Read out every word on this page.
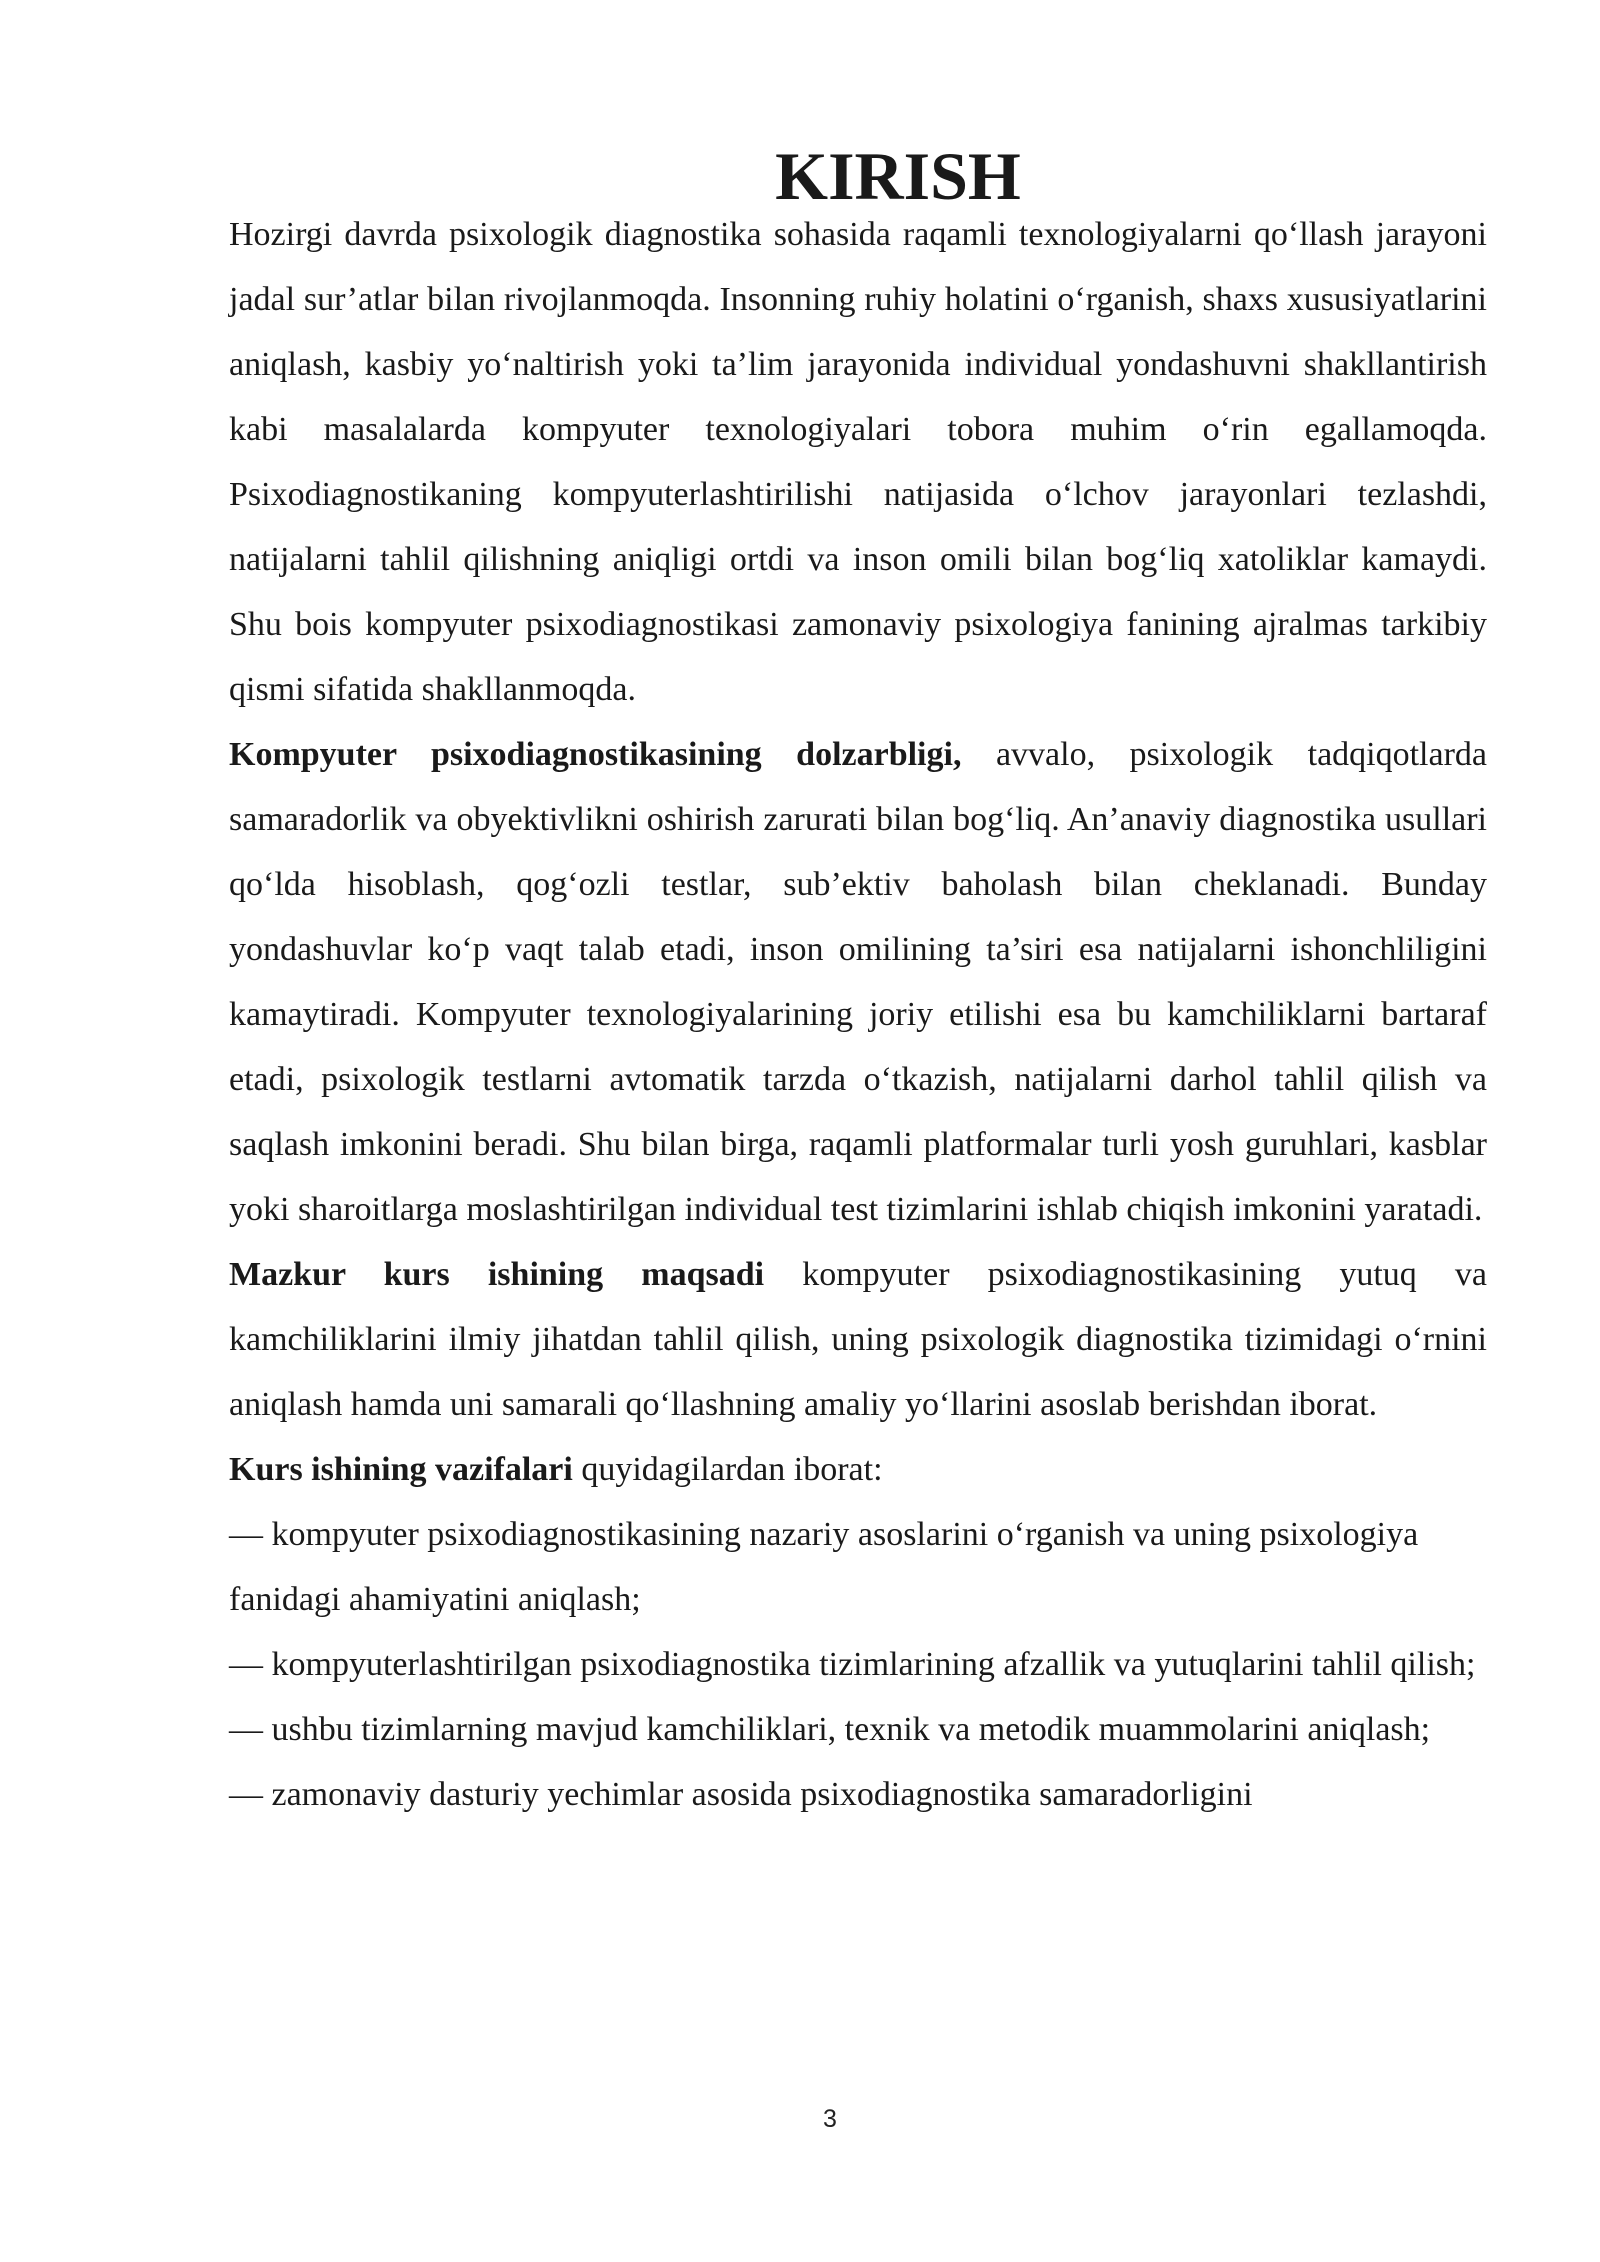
KIRISH

Hozirgi davrda psixologik diagnostika sohasida raqamli texnologiyalarni qo‘llash jarayoni jadal sur’atlar bilan rivojlanmoqda. Insonning ruhiy holatini o‘rganish, shaxs xususiyatlarini aniqlash, kasbiy yo‘naltirish yoki ta’lim jarayonida individual yondashuvni shakllantirish kabi masalalarda kompyuter texnologiyalari tobora muhim o‘rin egallamoqda. Psixodiagnostikaning kompyuterlashtirilishi natijasida o‘lchov jarayonlari tezlashdi, natijalarni tahlil qilishning aniqligi ortdi va inson omili bilan bog‘liq xatoliklar kamaydi. Shu bois kompyuter psixodiagnostikasi zamonaviy psixologiya fanining ajralmas tarkibiy qismi sifatida shakllanmoqda.

Kompyuter psixodiagnostikasining dolzarbligi, avvalo, psixologik tadqiqotlarda samaradorlik va obyektivlikni oshirish zarurati bilan bog‘liq. An’anaviy diagnostika usullari qo‘lda hisoblash, qog‘ozli testlar, sub’ektiv baholash bilan cheklanadi. Bunday yondashuvlar ko‘p vaqt talab etadi, inson omilining ta’siri esa natijalarni ishonchliligini kamaytiradi. Kompyuter texnologiyalarining joriy etilishi esa bu kamchiliklarni bartaraf etadi, psixologik testlarni avtomatik tarzda o‘tkazish, natijalarni darhol tahlil qilish va saqlash imkonini beradi. Shu bilan birga, raqamli platformalar turli yosh guruhlari, kasblar yoki sharoitlarga moslashtirilgan individual test tizimlarini ishlab chiqish imkonini yaratadi.

Mazkur kurs ishining maqsadi kompyuter psixodiagnostikasining yutuq va kamchiliklarini ilmiy jihatdan tahlil qilish, uning psixologik diagnostika tizimidagi o‘rnini aniqlash hamda uni samarali qo‘llashning amaliy yo‘llarini asoslab berishdan iborat.

Kurs ishining vazifalari quyidagilardan iborat:

— kompyuter psixodiagnostikasining nazariy asoslarini o‘rganish va uning psixologiya fanidagi ahamiyatini aniqlash;

— kompyuterlashtirilgan psixodiagnostika tizimlarining afzallik va yutuqlarini tahlil qilish;

— ushbu tizimlarning mavjud kamchiliklari, texnik va metodik muammolarini aniqlash;

— zamonaviy dasturiy yechimlar asosida psixodiagnostika samaradorligini

3
